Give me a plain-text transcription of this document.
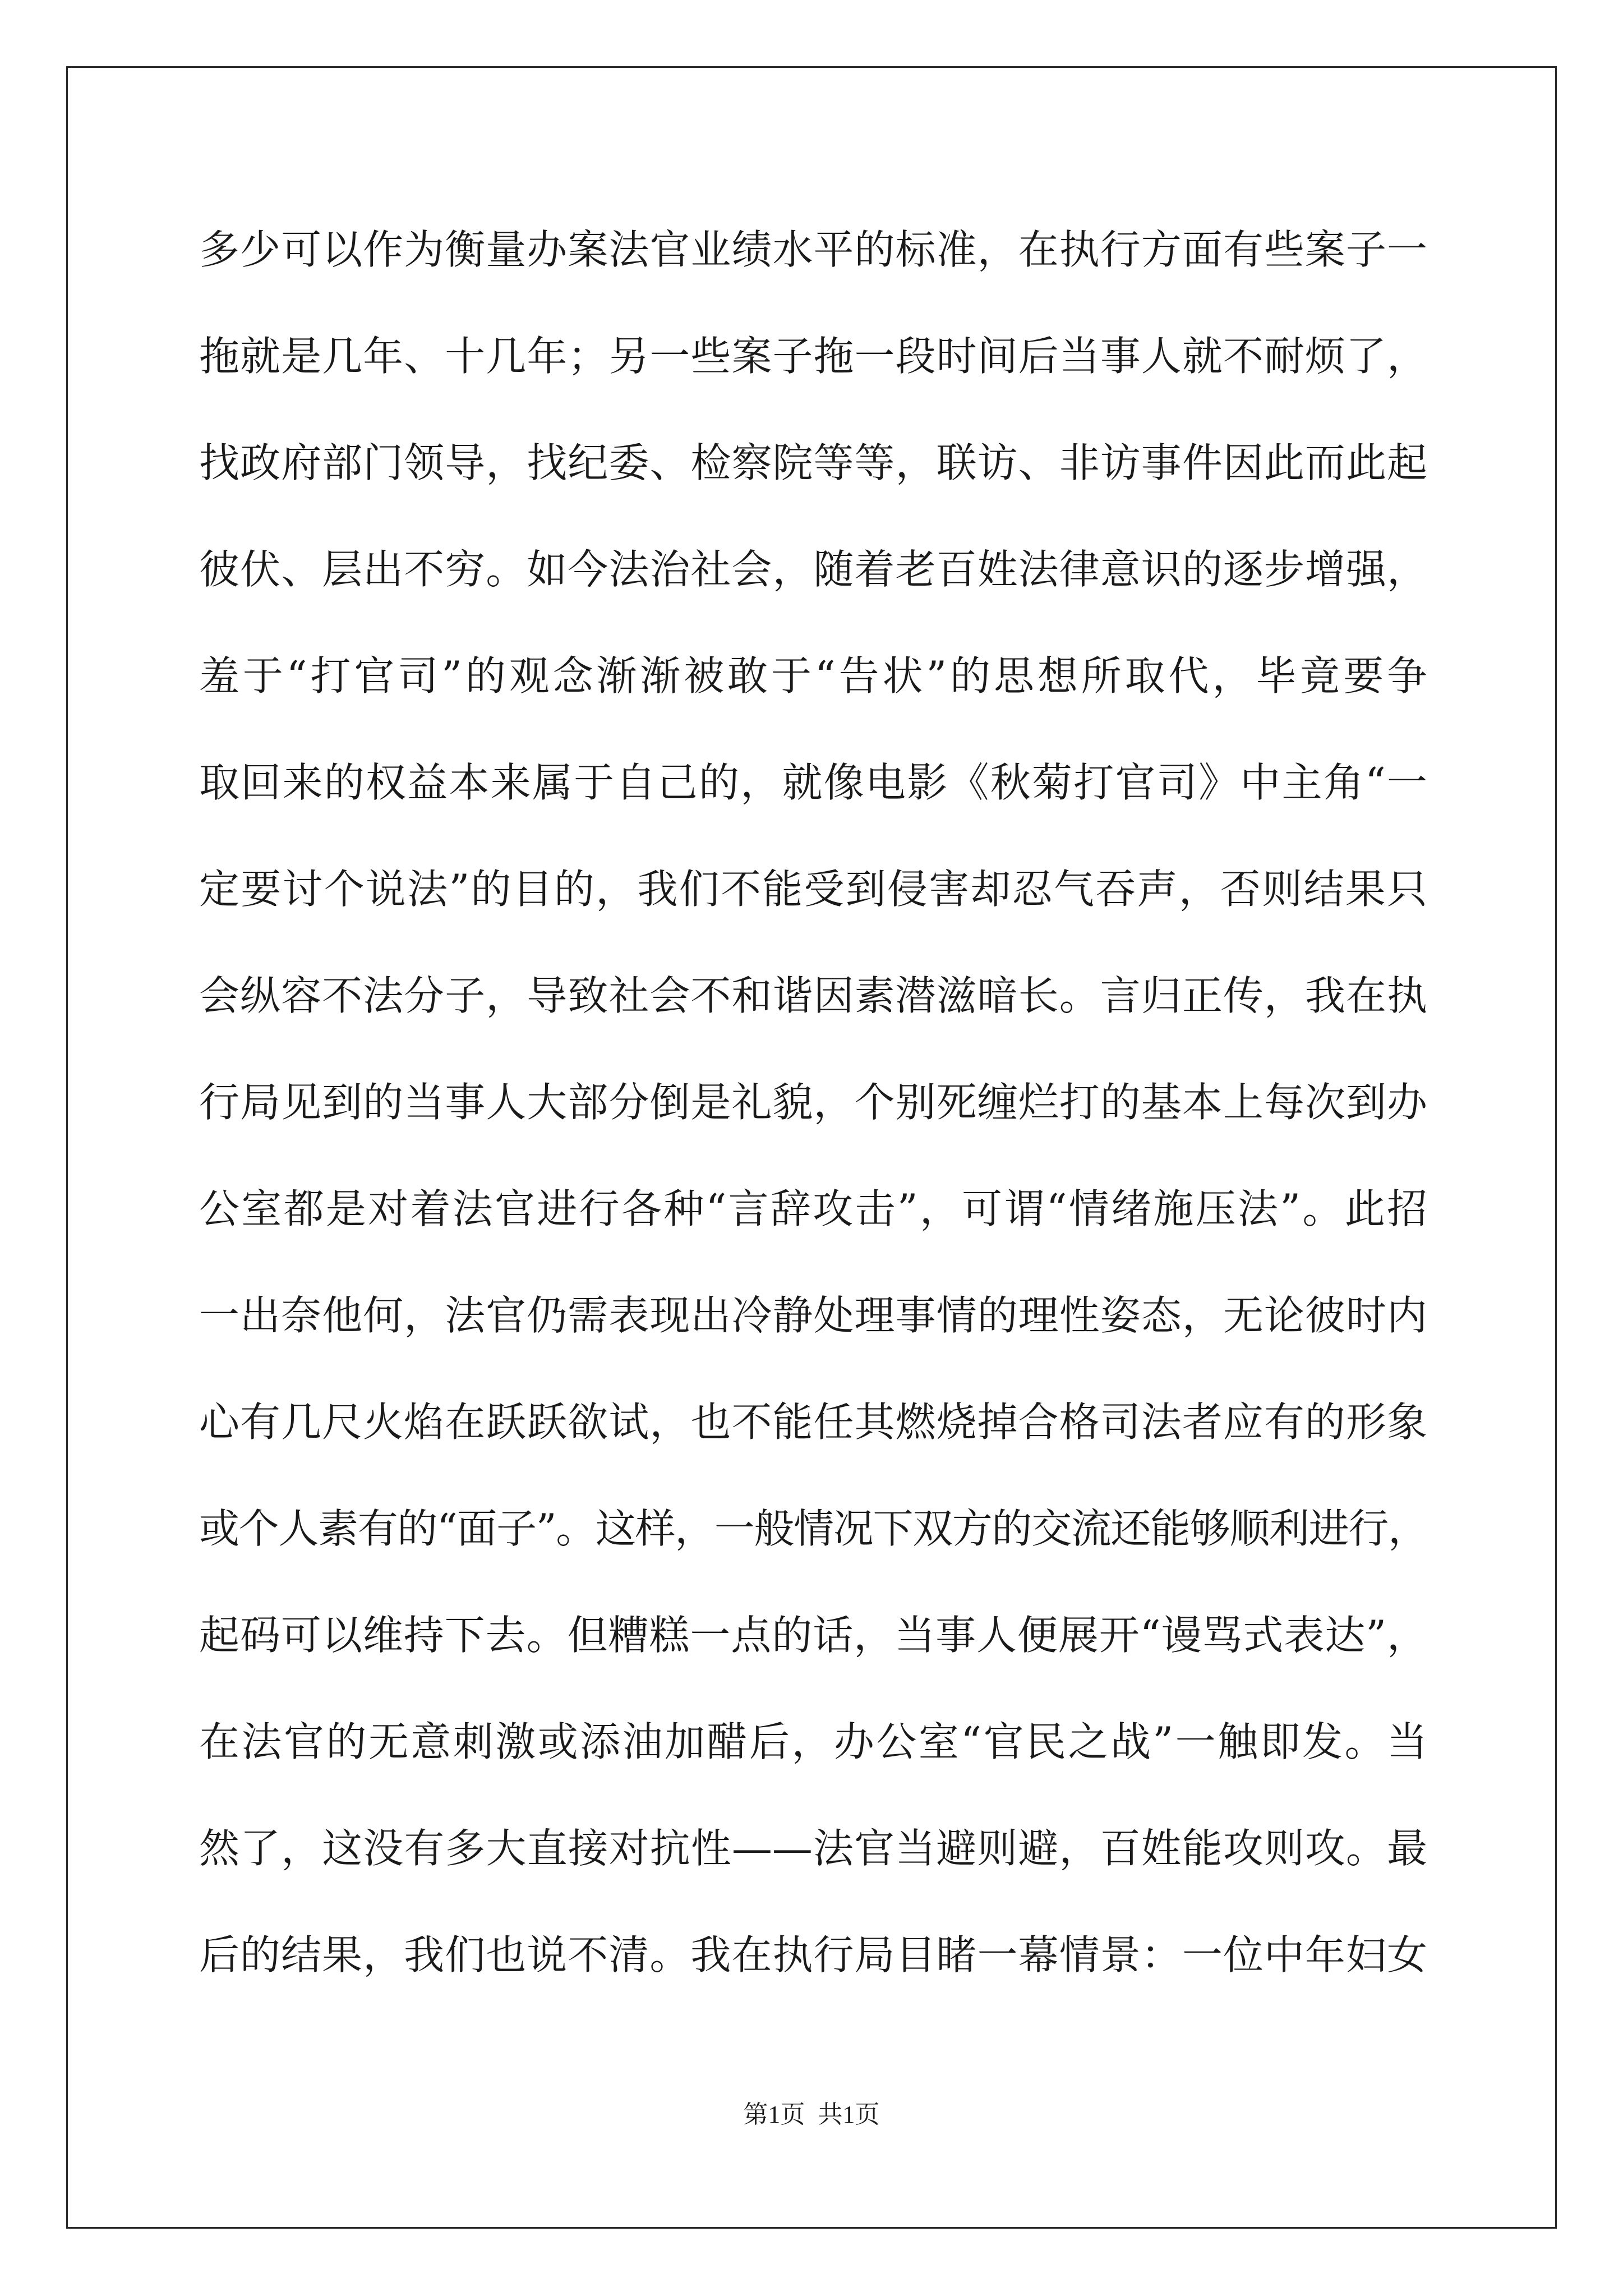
多少可以作为衡量办案法官业绩水平的标准，在执行方面有些案子一
拖就是几年、十几年；另一些案子拖一段时间后当事人就不耐烦了，
找政府部门领导，找纪委、检察院等等，联访、非访事件因此而此起
彼伏、层出不穷。如今法治社会，随着老百姓法律意识的逐步增强，
羞于“打官司”的观念渐渐被敢于“告状”的思想所取代，毕竟要争
取回来的权益本来属于自己的，就像电影《秋菊打官司》中主角“一
定要讨个说法”的目的，我们不能受到侵害却忍气吞声，否则结果只
会纵容不法分子，导致社会不和谐因素潜滋暗长。言归正传，我在执
行局见到的当事人大部分倒是礼貌，个别死缠烂打的基本上每次到办
公室都是对着法官进行各种“言辞攻击”，可谓“情绪施压法”。此招
一出奈他何，法官仍需表现出冷静处理事情的理性姿态，无论彼时内
心有几尺火焰在跃跃欲试，也不能任其燃烧掉合格司法者应有的形象
或个人素有的“面子”。这样，一般情况下双方的交流还能够顺利进行，
起码可以维持下去。但糟糕一点的话，当事人便展开“谩骂式表达”，
在法官的无意刺激或添油加醋后，办公室“官民之战”一触即发。当
然了，这没有多大直接对抗性——法官当避则避，百姓能攻则攻。最
后的结果，我们也说不清。我在执行局目睹一幕情景：一位中年妇女
第1页 共1页
